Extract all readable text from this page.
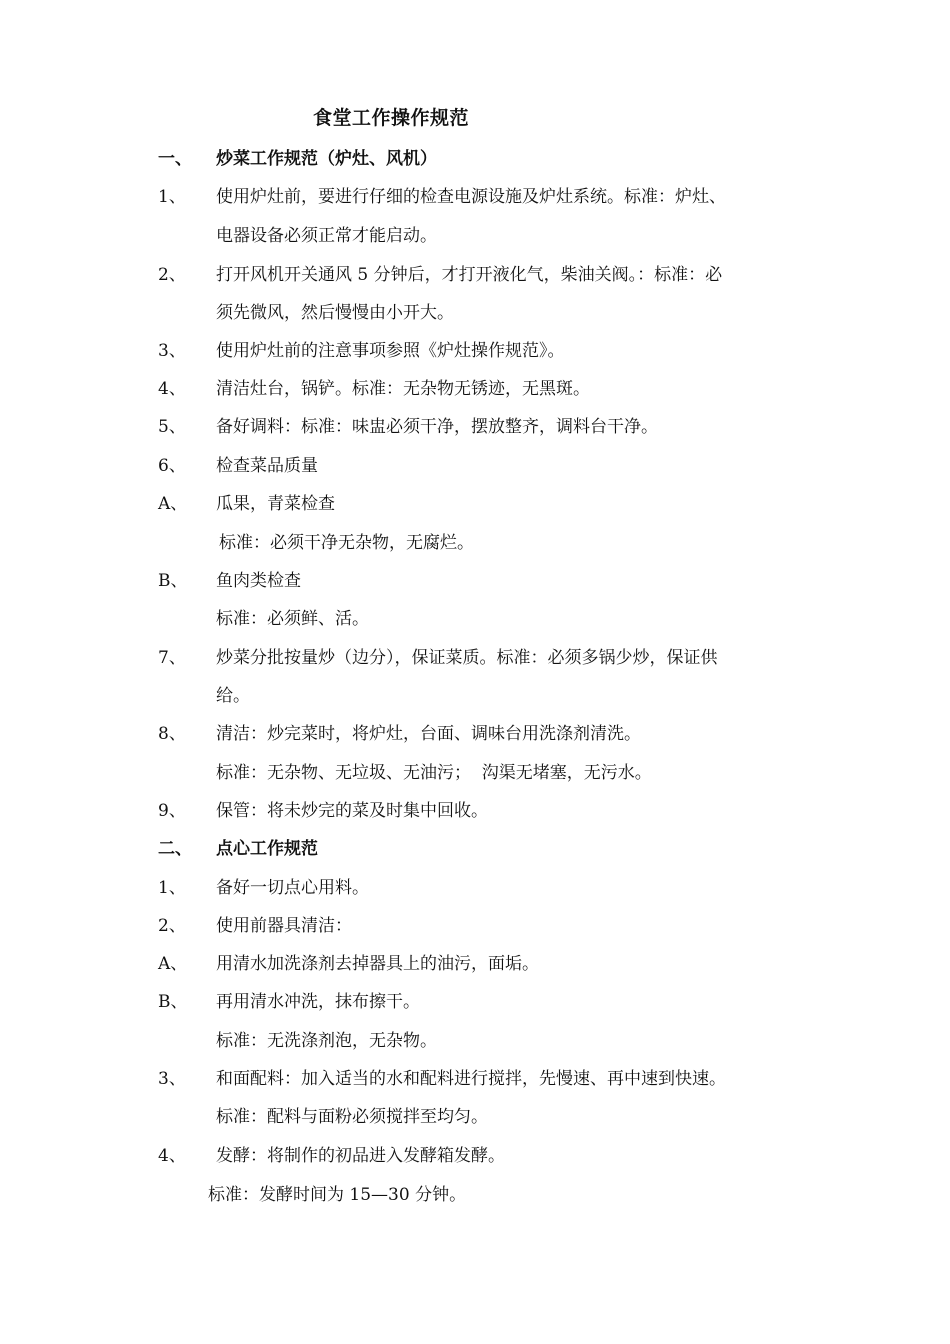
食堂工作操作规范
一、	炒菜工作规范（炉灶、风机）
1、	使用炉灶前，要进行仔细的检查电源设施及炉灶系统。标准：炉灶、
电器设备必须正常才能启动。
2、	打开风机开关通风 5 分钟后，才打开液化气，柴油关阀。：标准：必
须先微风，然后慢慢由小开大。
3、	使用炉灶前的注意事项参照《炉灶操作规范》。
4、	清洁灶台，锅铲。标准：无杂物无锈迹，无黑斑。
5、	备好调料：标准：味盅必须干净，摆放整齐，调料台干净。
6、	检查菜品质量
A、	瓜果，青菜检查
标准：必须干净无杂物，无腐烂。
B、	鱼肉类检查
标准：必须鲜、活。
7、	炒菜分批按量炒（边分），保证菜质。标准：必须多锅少炒，保证供
给。
8、	清洁：炒完菜时，将炉灶，台面、调味台用洗涤剂清洗。
标准：无杂物、无垃圾、无油污；  沟渠无堵塞，无污水。
9、	保管：将未炒完的菜及时集中回收。
二、	点心工作规范
1、	备好一切点心用料。
2、	使用前器具清洁：
A、	用清水加洗涤剂去掉器具上的油污，面垢。
B、	再用清水冲洗，抹布擦干。
标准：无洗涤剂泡，无杂物。
3、	和面配料：加入适当的水和配料进行搅拌，先慢速、再中速到快速。
标准：配料与面粉必须搅拌至均匀。
4、	发酵：将制作的初品进入发酵箱发酵。
标准：发酵时间为 15—30 分钟。
